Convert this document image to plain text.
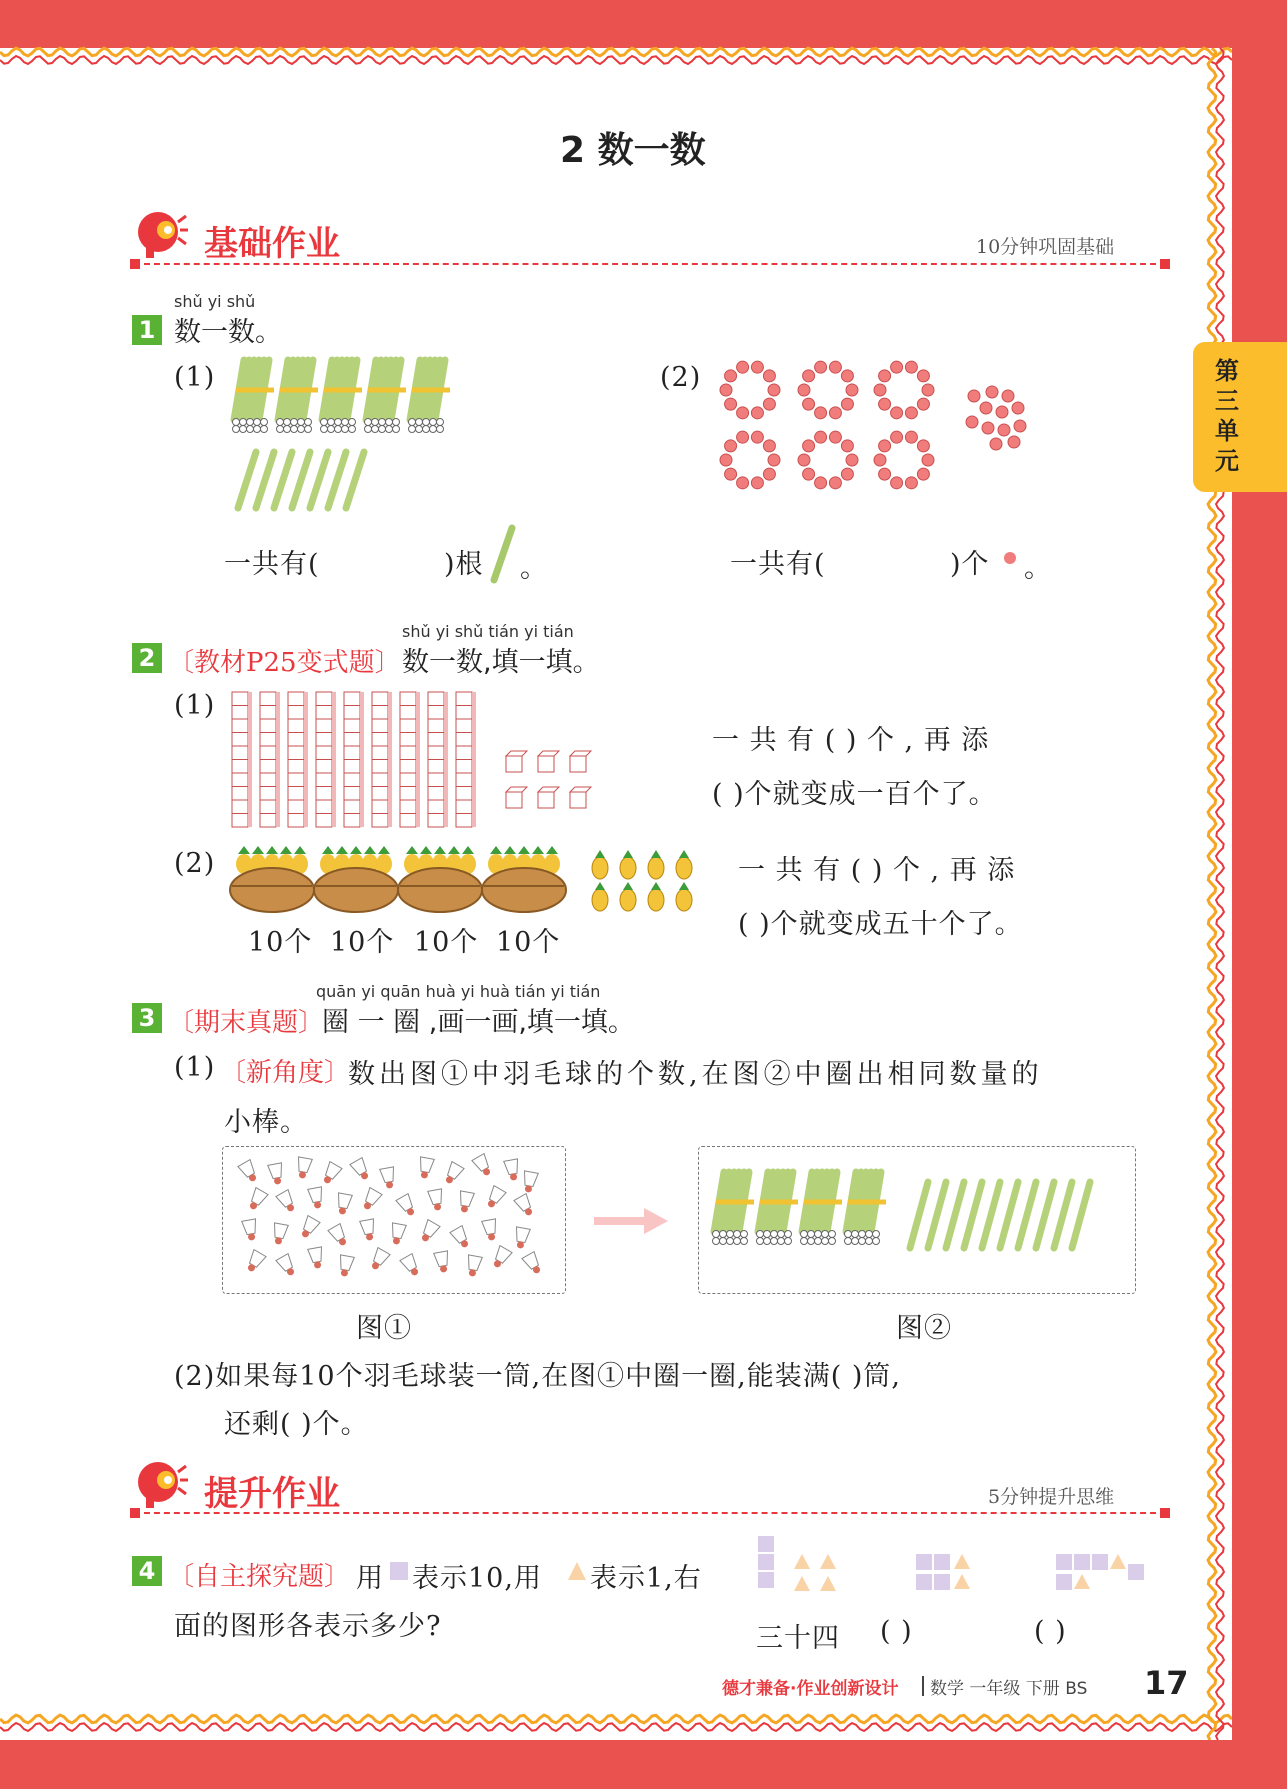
第三单元
2 数一数
基础作业	10分钟巩固基础
shǔ yi shǔ
1 数一数。
(1)
一共有(	)根 。
(2)
一共有(	)个 。
shǔ yi shǔ tián yi tián
2 〔教材P25变式题〕 数一数,填一填。
(1)
一 共 有 ( ) 个 , 再 添
( )个就变成一百个了。
(2)
10个 10个 10个 10个
一 共 有 ( ) 个 , 再 添
( )个就变成五十个了。
quān yi quān huà yi huà tián yi tián
3 〔期末真题〕
圈 一 圈 ,画一画,填一填。
(1) 〔新角度〕
数出图①中羽毛球的个数,在图②中圈出相同数量的
小棒。
图①	图②
(2)如果每10个羽毛球装一筒,在图①中圈一圈,能装满( )筒,
还剩( )个。
提升作业	5分钟提升思维
4 〔自主探究题〕 用 表示10,用 表示1,右
面的图形各表示多少?	三十四 ( )	( )
德才兼备·作业创新设计 数学 一年级 下册 BS 17
